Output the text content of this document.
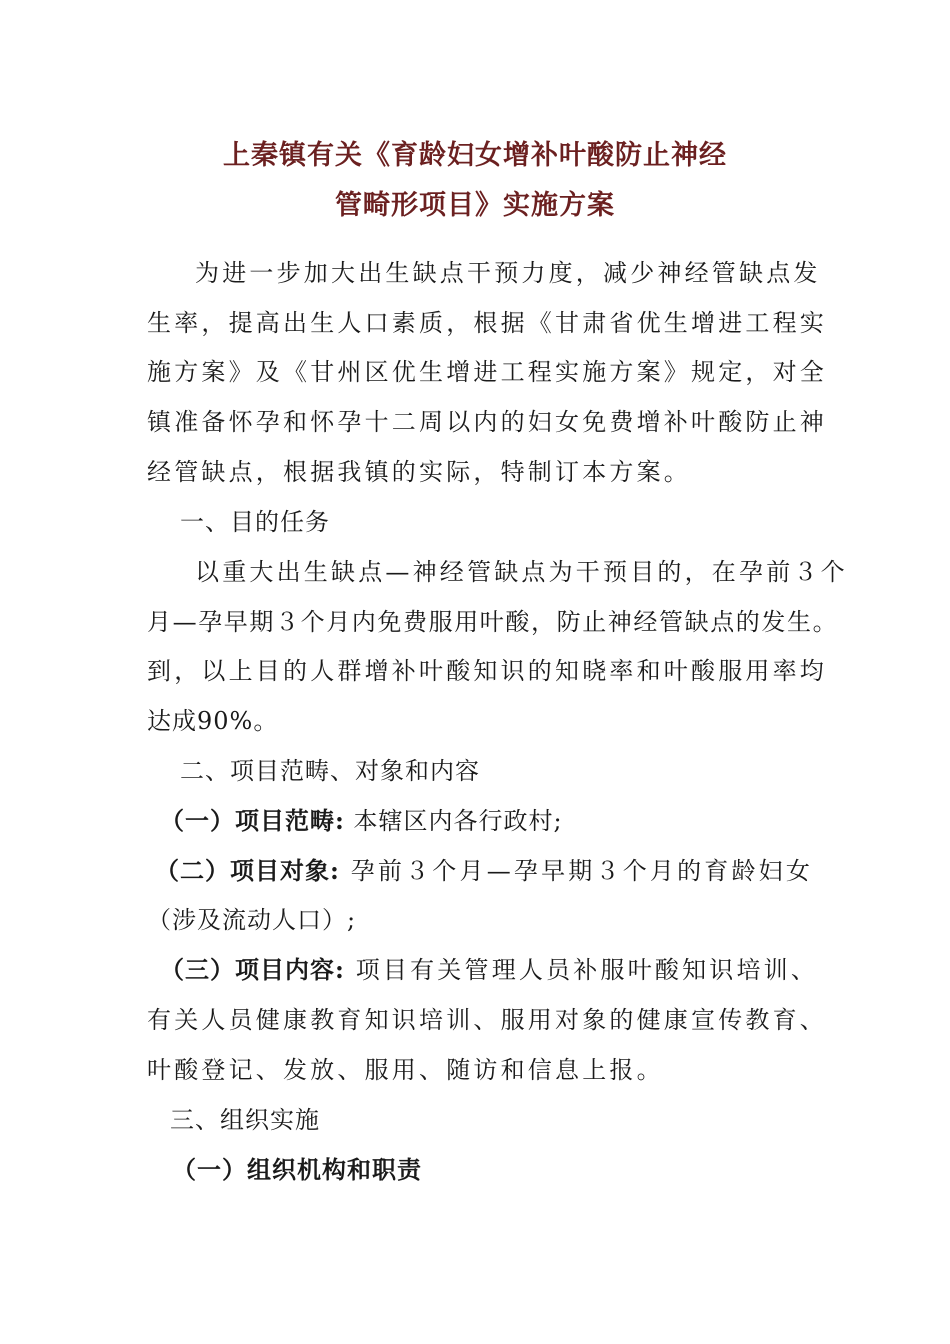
上秦镇有关《育龄妇女增补叶酸防止神经
管畸形项目》实施方案
为进一步加大出生缺点干预力度，减少神经管缺点发
生率，提高出生人口素质，根据《甘肃省优生增进工程实
施方案》及《甘州区优生增进工程实施方案》规定，对全
镇准备怀孕和怀孕十二周以内的妇女免费增补叶酸防止神
经管缺点，根据我镇的实际，特制订本方案。
一、目的任务
以重大出生缺点—神经管缺点为干预目的，在孕前３个
月—孕早期３个月内免费服用叶酸，防止神经管缺点的发生。
到，以上目的人群增补叶酸知识的知晓率和叶酸服用率均
达成90%。
二、项目范畴、对象和内容
（一）项目范畴: 本辖区内各行政村;
（二）项目对象: 孕前３个月—孕早期３个月的育龄妇女
（涉及流动人口）;
（三）项目内容: 项目有关管理人员补服叶酸知识培训、
有关人员健康教育知识培训、服用对象的健康宣传教育、
叶酸登记、发放、服用、随访和信息上报。
三、组织实施
（一）组织机构和职责
